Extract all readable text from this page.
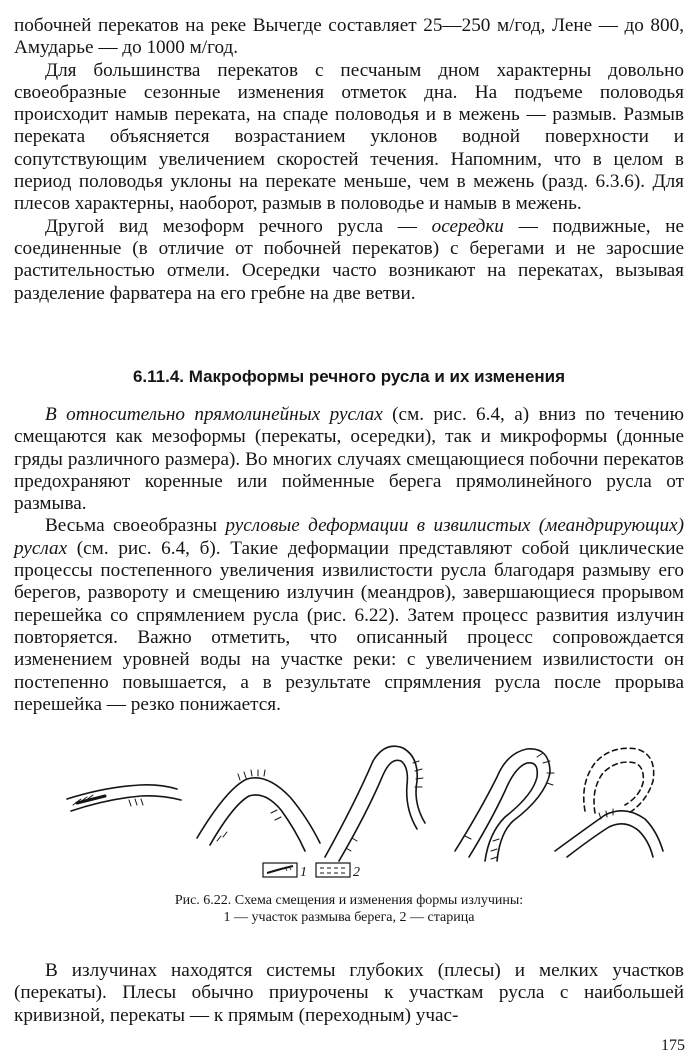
побочней перекатов на реке Вычегде составляет 25—250 м/год, Лене — до 800, Амударье — до 1000 м/год.

Для большинства перекатов с песчаным дном характерны довольно своеобразные сезонные изменения отметок дна. На подъеме половодья происходит намыв переката, на спаде половодья и в межень — размыв. Размыв переката объясняется возрастанием уклонов водной поверхности и сопутствующим увеличением скоростей течения. Напомним, что в целом в период половодья уклоны на перекате меньше, чем в межень (разд. 6.3.6). Для плесов характерны, наоборот, размыв в половодье и намыв в межень.

Другой вид мезоформ речного русла — осередки — подвижные, не соединенные (в отличие от побочней перекатов) с берегами и не заросшие растительностью отмели. Осередки часто возникают на перекатах, вызывая разделение фарватера на его гребне на две ветви.

6.11.4. Макроформы речного русла и их изменения

В относительно прямолинейных руслах (см. рис. 6.4, а) вниз по течению смещаются как мезоформы (перекаты, осередки), так и микроформы (донные гряды различного размера). Во многих случаях смещающиеся побочни перекатов предохраняют коренные или пойменные берега прямолинейного русла от размыва.

Весьма своеобразны русловые деформации в извилистых (меандрирующих) руслах (см. рис. 6.4, б). Такие деформации представляют собой циклические процессы постепенного увеличения извилистости русла благодаря размыву его берегов, развороту и смещению излучин (меандров), завершающиеся прорывом перешейка со спрямлением русла (рис. 6.22). Затем процесс развития излучин повторяется. Важно отметить, что описанный процесс сопровождается изменением уровней воды на участке реки: с увеличением извилистости он постепенно повышается, а в результате спрямления русла после прорыва перешейка — резко понижается.

1	2
Рис. 6.22. Схема смещения и изменения формы излучины:
1 — участок размыва берега, 2 — старица

В излучинах находятся системы глубоких (плесы) и мелких участков (перекаты). Плесы обычно приурочены к участкам русла с наибольшей кривизной, перекаты — к прямым (переходным) учас-

175
